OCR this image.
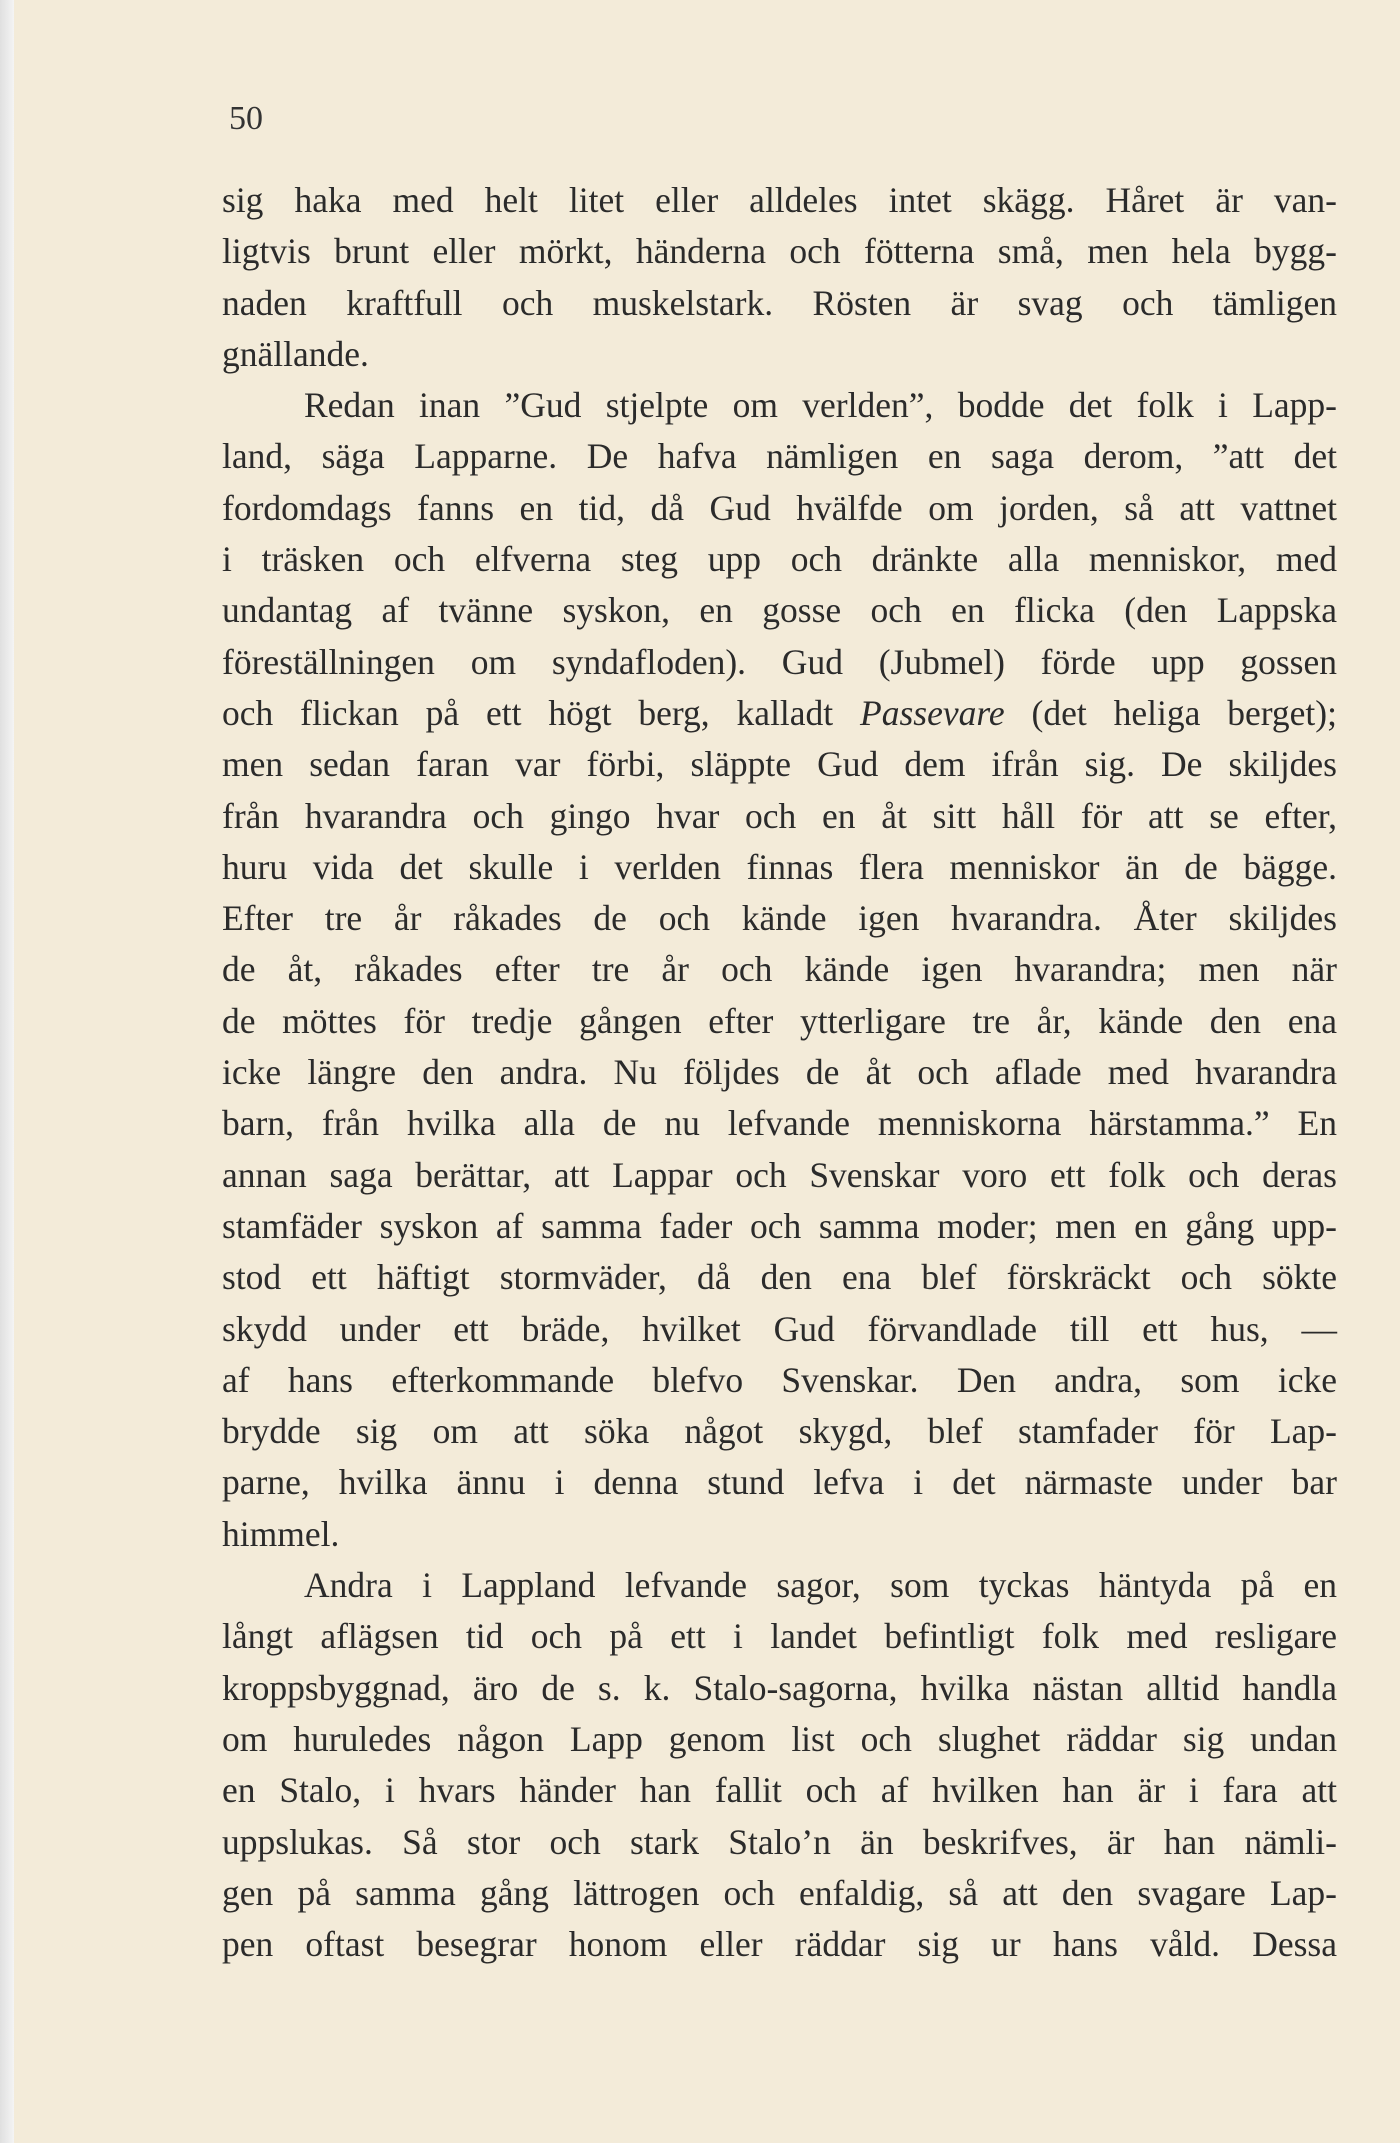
50
sig haka med helt litet eller alldeles intet skägg. Håret är van-
ligtvis brunt eller mörkt, händerna och fötterna små, men hela bygg-
naden kraftfull och muskelstark. Rösten är svag och tämligen
gnällande.
Redan inan ”Gud stjelpte om verlden”, bodde det folk i Lapp-
land, säga Lapparne. De hafva nämligen en saga derom, ”att det
fordomdags fanns en tid, då Gud hvälfde om jorden, så att vattnet
i träsken och elfverna steg upp och dränkte alla menniskor, med
undantag af tvänne syskon, en gosse och en flicka (den Lappska
föreställningen om syndafloden). Gud (Jubmel) förde upp gossen
och flickan på ett högt berg, kalladt Passevare (det heliga berget);
men sedan faran var förbi, släppte Gud dem ifrån sig. De skiljdes
från hvarandra och gingo hvar och en åt sitt håll för att se efter,
huru vida det skulle i verlden finnas flera menniskor än de bägge.
Efter tre år råkades de och kände igen hvarandra. Åter skiljdes
de åt, råkades efter tre år och kände igen hvarandra; men när
de möttes för tredje gången efter ytterligare tre år, kände den ena
icke längre den andra. Nu följdes de åt och aflade med hvarandra
barn, från hvilka alla de nu lefvande menniskorna härstamma.” En
annan saga berättar, att Lappar och Svenskar voro ett folk och deras
stamfäder syskon af samma fader och samma moder; men en gång upp-
stod ett häftigt stormväder, då den ena blef förskräckt och sökte
skydd under ett bräde, hvilket Gud förvandlade till ett hus, —
af hans efterkommande blefvo Svenskar. Den andra, som icke
brydde sig om att söka något skygd, blef stamfader för Lap-
parne, hvilka ännu i denna stund lefva i det närmaste under bar
himmel.
Andra i Lappland lefvande sagor, som tyckas häntyda på en
långt aflägsen tid och på ett i landet befintligt folk med resligare
kroppsbyggnad, äro de s. k. Stalo-sagorna, hvilka nästan alltid handla
om huruledes någon Lapp genom list och slughet räddar sig undan
en Stalo, i hvars händer han fallit och af hvilken han är i fara att
uppslukas. Så stor och stark Stalo’n än beskrifves, är han nämli-
gen på samma gång lättrogen och enfaldig, så att den svagare Lap-
pen oftast besegrar honom eller räddar sig ur hans våld. Dessa
